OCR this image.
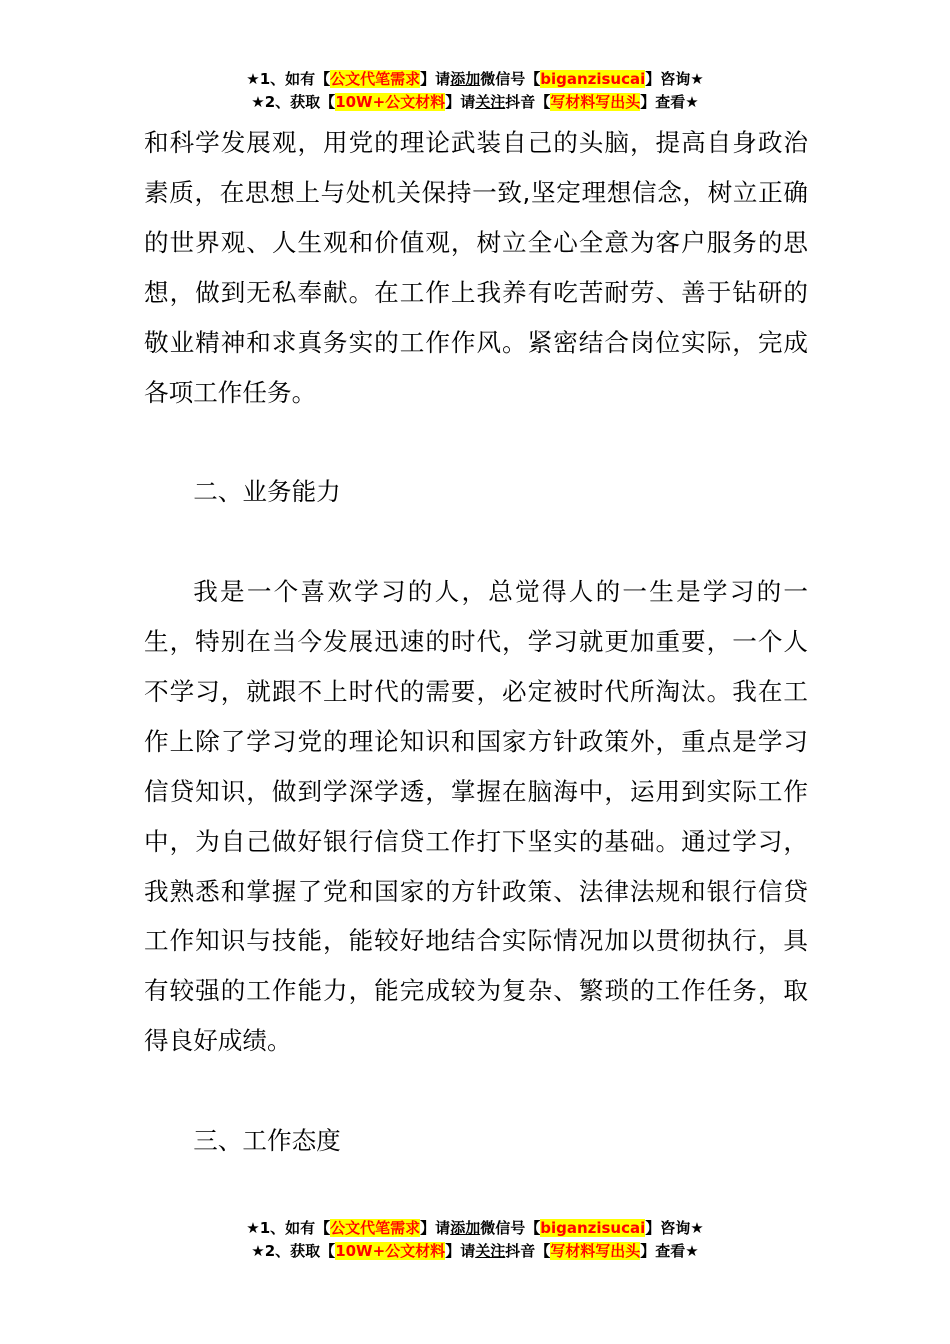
★1、如有【公文代笔需求】请添加微信号【biganzisucai】咨询★
★2、获取【10W+公文材料】请关注抖音【写材料写出头】查看★

和科学发展观，用党的理论武装自己的头脑，提高自身政治素质，在思想上与处机关保持一致,坚定理想信念，树立正确的世界观、人生观和价值观，树立全心全意为客户服务的思想，做到无私奉献。在工作上我养有吃苦耐劳、善于钻研的敬业精神和求真务实的工作作风。紧密结合岗位实际，完成各项工作任务。

二、业务能力

我是一个喜欢学习的人，总觉得人的一生是学习的一生，特别在当今发展迅速的时代，学习就更加重要，一个人不学习，就跟不上时代的需要，必定被时代所淘汰。我在工作上除了学习党的理论知识和国家方针政策外，重点是学习信贷知识，做到学深学透，掌握在脑海中，运用到实际工作中，为自己做好银行信贷工作打下坚实的基础。通过学习，我熟悉和掌握了党和国家的方针政策、法律法规和银行信贷工作知识与技能，能较好地结合实际情况加以贯彻执行，具有较强的工作能力，能完成较为复杂、繁琐的工作任务，取得良好成绩。

三、工作态度

★1、如有【公文代笔需求】请添加微信号【biganzisucai】咨询★
★2、获取【10W+公文材料】请关注抖音【写材料写出头】查看★
